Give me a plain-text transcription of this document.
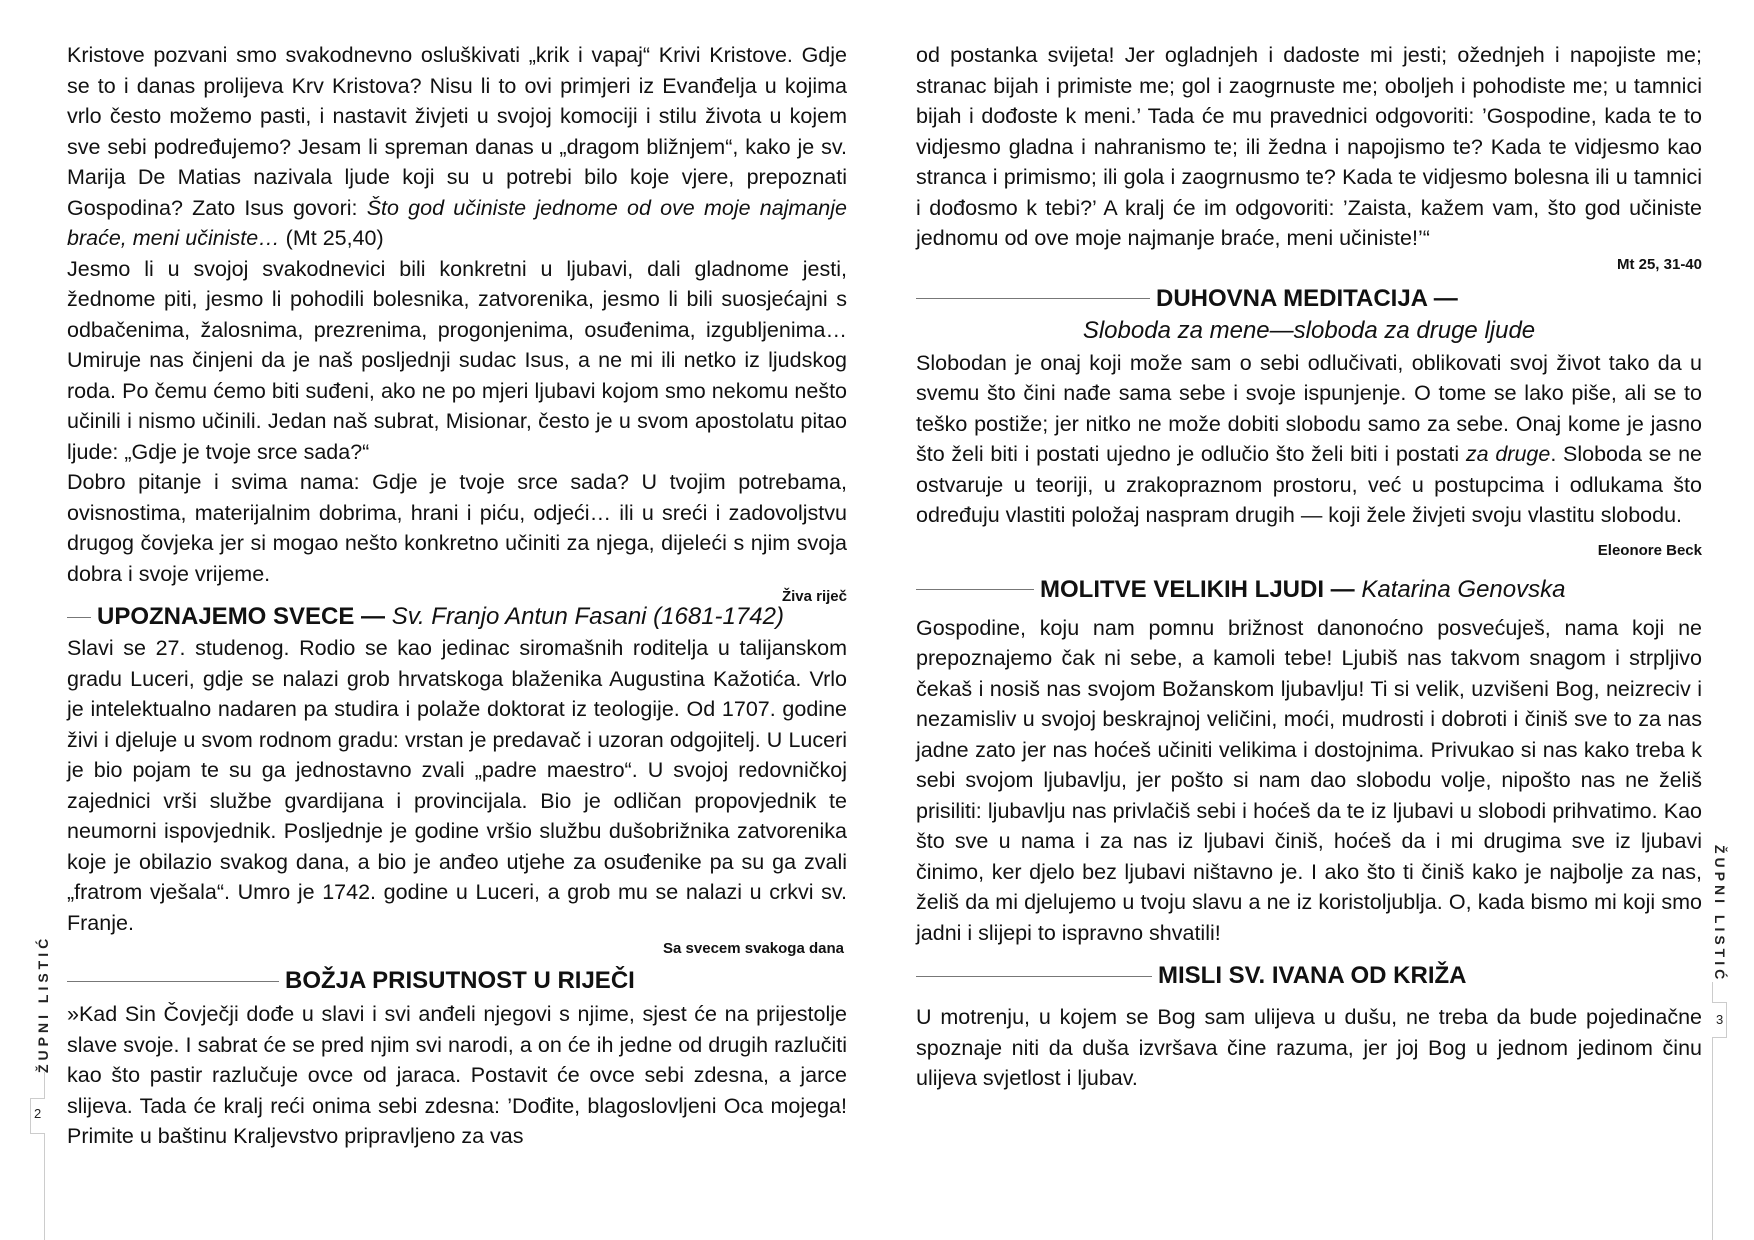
Kristove pozvani smo svakodnevno osluškivati „krik i vapaj“ Krivi Kristove. Gdje se to i danas prolijeva Krv Kristova? Nisu li to ovi primjeri iz Evanđelja u kojima vrlo često možemo pasti, i nastavit živjeti u svojoj komociji i stilu života u kojem sve sebi podređujemo? Jesam li spreman danas u „dragom bližnjem“, kako je sv. Marija De Matias nazivala ljude koji su u potrebi bilo koje vjere, prepoznati Gospodina? Zato Isus govori: Što god učiniste jednome od ove moje najmanje braće, meni učiniste… (Mt 25,40)

Jesmo li u svojoj svakodnevici bili konkretni u ljubavi, dali gladnome jesti, žednome piti, jesmo li pohodili bolesnika, zatvorenika, jesmo li bili suosjećajni s odbačenima, žalosnima, prezrenima, progonjenima, osuđenima, izgubljenima… Umiruje nas činjeni da je naš posljednji sudac Isus, a ne mi ili netko iz ljudskog roda. Po čemu ćemo biti suđeni, ako ne po mjeri ljubavi kojom smo nekomu nešto učinili i nismo učinili. Jedan naš subrat, Misionar, često je u svom apostolatu pitao ljude: „Gdje je tvoje srce sada?“

Dobro pitanje i svima nama: Gdje je tvoje srce sada? U tvojim potrebama, ovisnostima, materijalnim dobrima, hrani i piću, odjeći… ili u sreći i zadovoljstvu drugog čovjeka jer si mogao nešto konkretno učiniti za njega, dijeleći s njim svoja dobra i svoje vrijeme.

Živa riječ
UPOZNAJEMO SVECE —
Sv. Franjo Antun Fasani (1681-1742)

Slavi se 27. studenog. Rodio se kao jedinac siromašnih roditelja u talijanskom gradu Luceri, gdje se nalazi grob hrvatskoga blaženika Augustina Kažotića. Vrlo je intelektualno nadaren pa studira i polaže doktorat iz teologije. Od 1707. godine živi i djeluje u svom rodnom gradu: vrstan je predavač i uzoran odgojitelj. U Luceri je bio pojam te su ga jednostavno zvali „padre maestro“. U svojoj redovničkoj zajednici vrši službe gvardijana i provincijala. Bio je odličan propovjednik te neumorni ispovjednik. Posljednje je godine vršio službu dušobrižnika zatvorenika koje je obilazio svakog dana, a bio je anđeo utjehe za osuđenike pa su ga zvali „fratrom vješala“. Umro je 1742. godine u Luceri, a grob mu se nalazi u crkvi sv. Franje.

Sa svecem svakoga dana
BOŽJA PRISUTNOST U RIJEČI

»Kad Sin Čovječji dođe u slavi i svi anđeli njegovi s njime, sjest će na prijestolje slave svoje. I sabrat će se pred njim svi narodi, a on će ih jedne od drugih razlučiti kao što pastir razlučuje ovce od jaraca. Postavit će ovce sebi zdesna, a jarce slijeva. Tada će kralj reći onima sebi zdesna: ’Dođite, blagoslovljeni Oca mojega! Primite u baštinu Kraljevstvo pripravljeno za vas

od postanka svijeta! Jer ogladnjeh i dadoste mi jesti; ožednjeh i napojiste me; stranac bijah i primiste me; gol i zaogrnuste me; oboljeh i pohodiste me; u tamnici bijah i dođoste k meni.’ Tada će mu pravednici odgovoriti: ’Gospodine, kada te to vidjesmo gladna i nahranismo te; ili žedna i napojismo te? Kada te vidjesmo kao stranca i primismo; ili gola i zaogrnusmo te? Kada te vidjesmo bolesna ili u tamnici i dođosmo k tebi?’ A kralj će im odgovoriti: ’Zaista, kažem vam, što god učiniste jednomu od ove moje najmanje braće, meni učiniste!’“

Mt 25, 31-40
DUHOVNA MEDITACIJA —
Sloboda za mene—sloboda za druge ljude

Slobodan je onaj koji može sam o sebi odlučivati, oblikovati svoj život tako da u svemu što čini nađe sama sebe i svoje ispunjenje. O tome se lako piše, ali se to teško postiže; jer nitko ne može dobiti slobodu samo za sebe. Onaj kome je jasno što želi biti i postati ujedno je odlučio što želi biti i postati za druge. Sloboda se ne ostvaruje u teoriji, u zrakopraznom prostoru, već u postupcima i odlukama što određuju vlastiti položaj naspram drugih — koji žele živjeti svoju vlastitu slobodu.

Eleonore Beck
MOLITVE VELIKIH LJUDI —
Katarina Genovska

Gospodine, koju nam pomnu brižnost danonoćno posvećuješ, nama koji ne prepoznajemo čak ni sebe, a kamoli tebe! Ljubiš nas takvom snagom i strpljivo čekaš i nosiš nas svojom Božanskom ljubavlju! Ti si velik, uzvišeni Bog, neizreciv i nezamisliv u svojoj beskrajnoj veličini, moći, mudrosti i dobroti i činiš sve to za nas jadne zato jer nas hoćeš učiniti velikima i dostojnima. Privukao si nas kako treba k sebi svojom ljubavlju, jer pošto si nam dao slobodu volje, nipošto nas ne želiš prisiliti: ljubavlju nas privlačiš sebi i hoćeš da te iz ljubavi u slobodi prihvatimo. Kao što sve u nama i za nas iz ljubavi činiš, hoćeš da i mi drugima sve iz ljubavi činimo, ker djelo bez ljubavi ništavno je. I ako što ti činiš kako je najbolje za nas, želiš da mi djelujemo u tvoju slavu a ne iz koristoljublja. O, kada bismo mi koji smo jadni i slijepi to ispravno shvatili!

MISLI SV. IVANA OD KRIŽA

U motrenju, u kojem se Bog sam ulijeva u dušu, ne treba da bude pojedinačne spoznaje niti da duša izvršava čine razuma, jer joj Bog u jednom jedinom činu ulijeva svjetlost i ljubav.

ŽUPNI LISTIĆ
2
ŽUPNI LISTIĆ
3
